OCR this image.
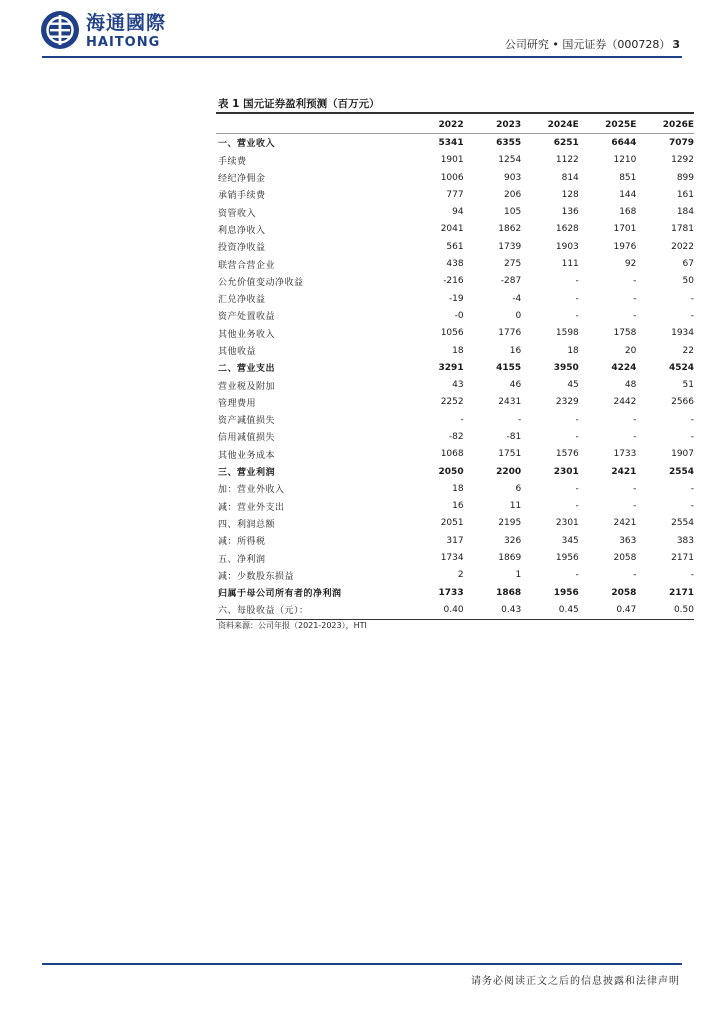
海通國際
HAITONG	公司研究 • 国元证券（000728） 3
表 1 国元证券盈利预测（百万元）
	2022	2023	2024E	2025E	2026E
一、营业收入	5341	6355	6251	6644	7079
手续费	1901	1254	1122	1210	1292
经纪净佣金	1006	903	814	851	899
承销手续费	777	206	128	144	161
资管收入	94	105	136	168	184
利息净收入	2041	1862	1628	1701	1781
投资净收益	561	1739	1903	1976	2022
联营合营企业	438	275	111	92	67
公允价值变动净收益	-216	-287	-	-	50
汇兑净收益	-19	-4	-	-	-
资产处置收益	-0	0	-	-	-
其他业务收入	1056	1776	1598	1758	1934
其他收益	18	16	18	20	22
二、营业支出	3291	4155	3950	4224	4524
营业税及附加	43	46	45	48	51
管理费用	2252	2431	2329	2442	2566
资产减值损失	-	-	-	-	-
信用减值损失	-82	-81	-	-	-
其他业务成本	1068	1751	1576	1733	1907
三、营业利润	2050	2200	2301	2421	2554
加：营业外收入	18	6	-	-	-
减：营业外支出	16	11	-	-	-
四、利润总额	2051	2195	2301	2421	2554
减：所得税	317	326	345	363	383
五、净利润	1734	1869	1956	2058	2171
减：少数股东损益	2	1	-	-	-
归属于母公司所有者的净利润	1733	1868	1956	2058	2171
六、每股收益（元）：	0.40	0.43	0.45	0.47	0.50
资料来源：公司年报（2021-2023），HTI
请务必阅读正文之后的信息披露和法律声明
